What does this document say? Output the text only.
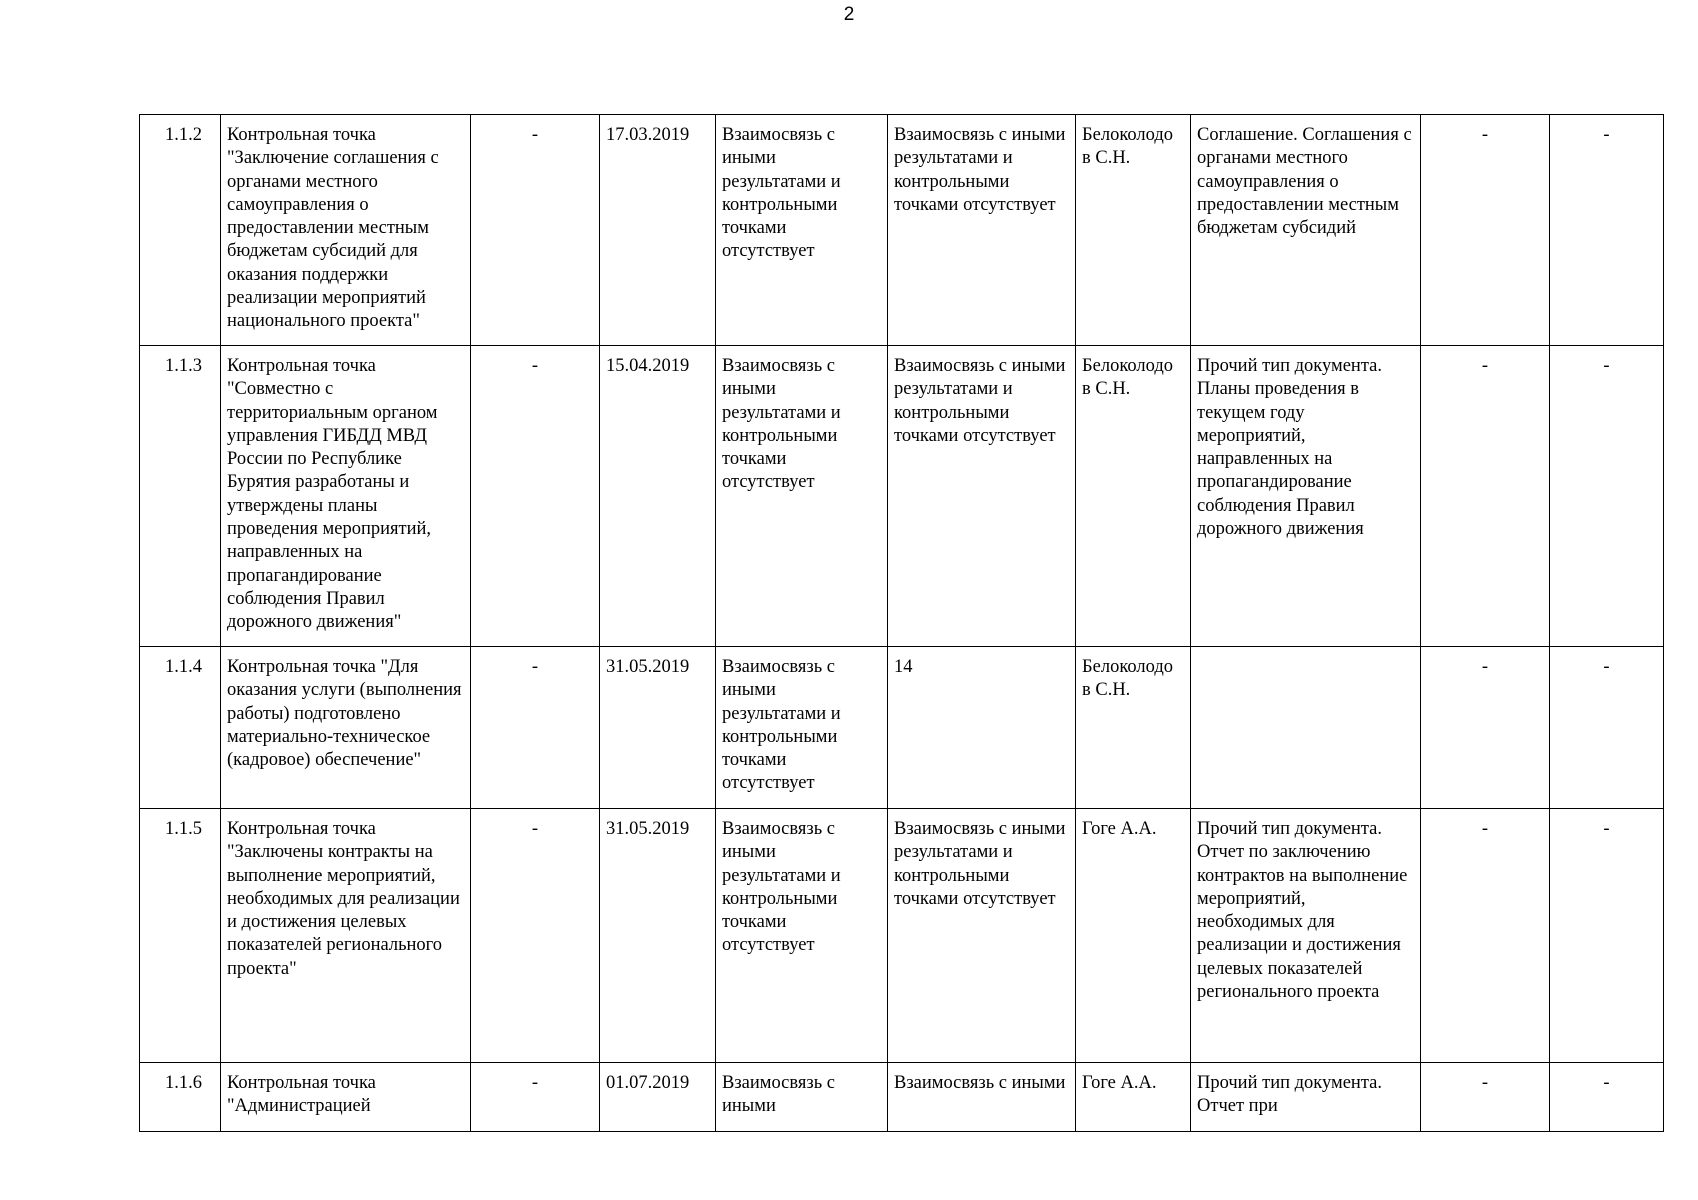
2
1.1.2	Контрольная точка "Заключение соглашения с органами местного самоуправления о предоставлении местным бюджетам субсидий для оказания поддержки реализации мероприятий национального проекта"	-	17.03.2019	Взаимосвязь с иными результатами и контрольными точками отсутствует	Взаимосвязь с иными результатами и контрольными точками отсутствует	Белоколодо в С.Н.	Соглашение. Соглашения с органами местного самоуправления о предоставлении местным бюджетам субсидий	-	-
1.1.3	Контрольная точка "Совместно с территориальным органом управления ГИБДД МВД России по Республике Бурятия разработаны и утверждены планы проведения мероприятий, направленных на пропагандирование соблюдения Правил дорожного движения"	-	15.04.2019	Взаимосвязь с иными результатами и контрольными точками отсутствует	Взаимосвязь с иными результатами и контрольными точками отсутствует	Белоколодо в С.Н.	Прочий тип документа. Планы проведения в текущем году мероприятий, направленных на пропагандирование соблюдения Правил дорожного движения	-	-
1.1.4	Контрольная точка "Для оказания услуги (выполнения работы) подготовлено материально-техническое (кадровое) обеспечение"	-	31.05.2019	Взаимосвязь с иными результатами и контрольными точками отсутствует	14	Белоколодо в С.Н.		-	-
1.1.5	Контрольная точка "Заключены контракты на выполнение мероприятий, необходимых для реализации и достижения целевых показателей регионального проекта"	-	31.05.2019	Взаимосвязь с иными результатами и контрольными точками отсутствует	Взаимосвязь с иными результатами и контрольными точками отсутствует	Гоге А.А.	Прочий тип документа. Отчет по заключению контрактов на выполнение мероприятий, необходимых для реализации и достижения целевых показателей регионального проекта	-	-
1.1.6	Контрольная точка "Администрацией	-	01.07.2019	Взаимосвязь с иными	Взаимосвязь с иными	Гоге А.А.	Прочий тип документа. Отчет при	-	-
